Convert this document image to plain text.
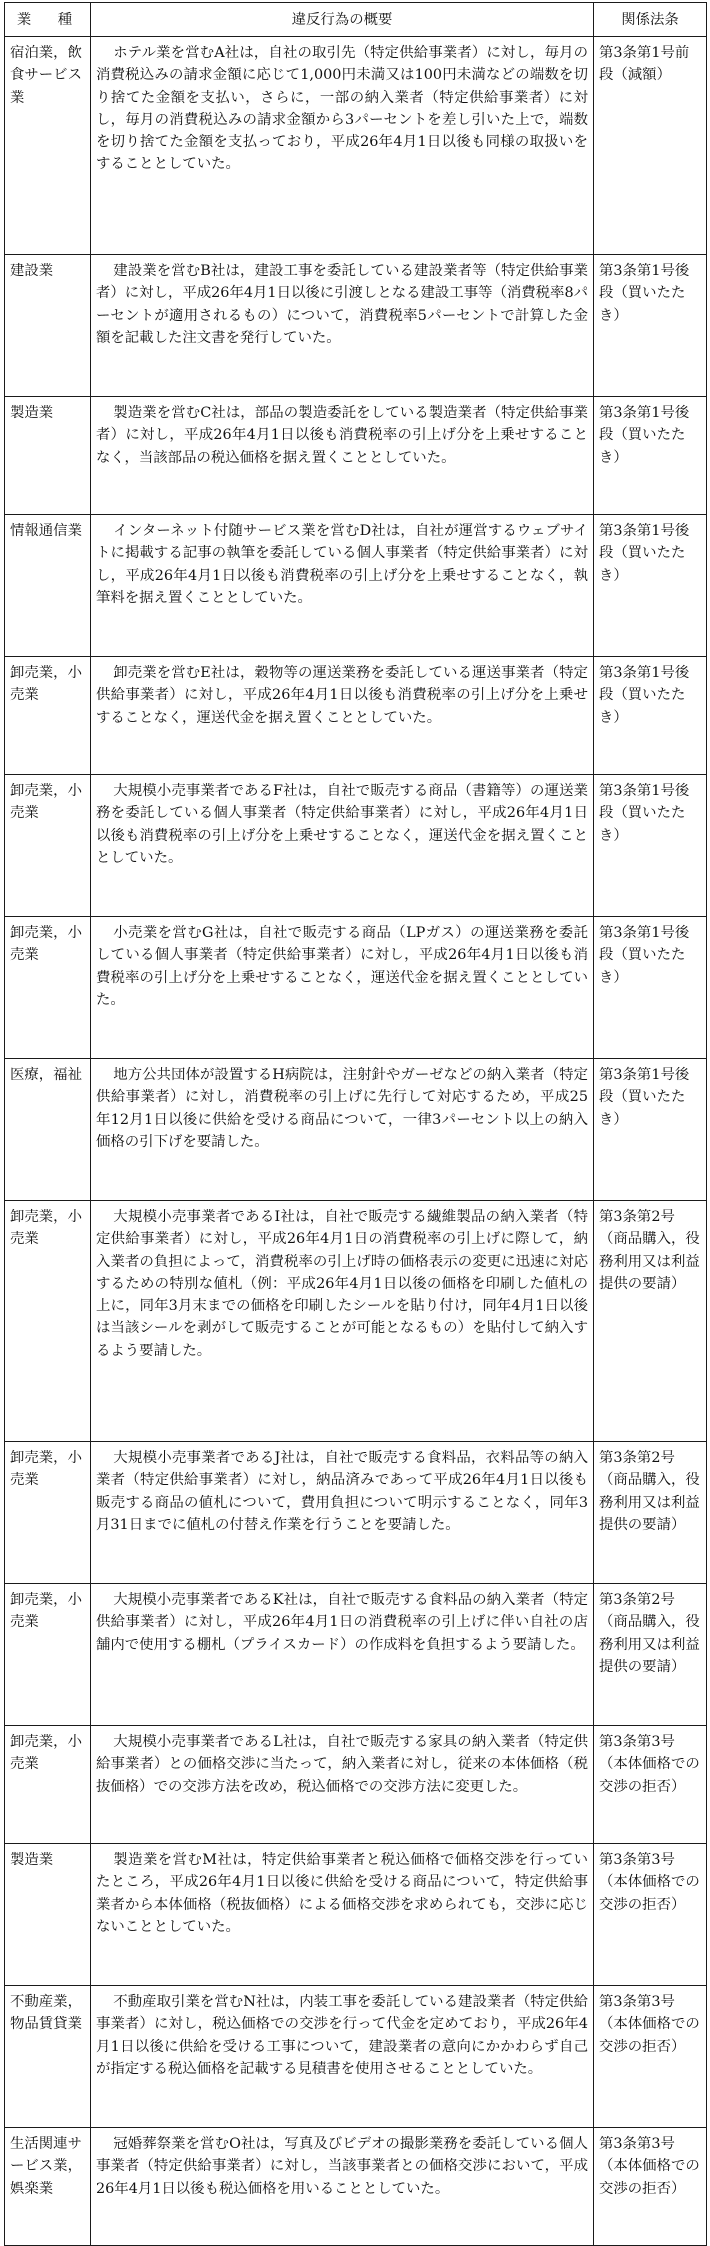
業　種	違反行為の概要	関係法条
宿泊業，飲食サービス業	ホテル業を営むA社は，自社の取引先（特定供給事業者）に対し，毎月の消費税込みの請求金額に応じて1,000円未満又は100円未満などの端数を切り捨てた金額を支払い，さらに，一部の納入業者（特定供給事業者）に対し，毎月の消費税込みの請求金額から3パーセントを差し引いた上で，端数を切り捨てた金額を支払っており，平成26年4月1日以後も同様の取扱いをすることとしていた。	第3条第1号前段（減額）
建設業	建設業を営むB社は，建設工事を委託している建設業者等（特定供給事業者）に対し，平成26年4月1日以後に引渡しとなる建設工事等（消費税率8パーセントが適用されるもの）について，消費税率5パーセントで計算した金額を記載した注文書を発行していた。	第3条第1号後段（買いたたき）
製造業	製造業を営むC社は，部品の製造委託をしている製造業者（特定供給事業者）に対し，平成26年4月1日以後も消費税率の引上げ分を上乗せすることなく，当該部品の税込価格を据え置くこととしていた。	第3条第1号後段（買いたたき）
情報通信業	インターネット付随サービス業を営むD社は，自社が運営するウェブサイトに掲載する記事の執筆を委託している個人事業者（特定供給事業者）に対し，平成26年4月1日以後も消費税率の引上げ分を上乗せすることなく，執筆料を据え置くこととしていた。	第3条第1号後段（買いたたき）
卸売業，小売業	卸売業を営むE社は，穀物等の運送業務を委託している運送事業者（特定供給事業者）に対し，平成26年4月1日以後も消費税率の引上げ分を上乗せすることなく，運送代金を据え置くこととしていた。	第3条第1号後段（買いたたき）
卸売業，小売業	大規模小売事業者であるF社は，自社で販売する商品（書籍等）の運送業務を委託している個人事業者（特定供給事業者）に対し，平成26年4月1日以後も消費税率の引上げ分を上乗せすることなく，運送代金を据え置くこととしていた。	第3条第1号後段（買いたたき）
卸売業，小売業	小売業を営むG社は，自社で販売する商品（LPガス）の運送業務を委託している個人事業者（特定供給事業者）に対し，平成26年4月1日以後も消費税率の引上げ分を上乗せすることなく，運送代金を据え置くこととしていた。	第3条第1号後段（買いたたき）
医療，福祉	地方公共団体が設置するH病院は，注射針やガーゼなどの納入業者（特定供給事業者）に対し，消費税率の引上げに先行して対応するため，平成25年12月1日以後に供給を受ける商品について，一律3パーセント以上の納入価格の引下げを要請した。	第3条第1号後段（買いたたき）
卸売業，小売業	大規模小売事業者であるI社は，自社で販売する繊維製品の納入業者（特定供給事業者）に対し，平成26年4月1日の消費税率の引上げに際して，納入業者の負担によって，消費税率の引上げ時の価格表示の変更に迅速に対応するための特別な値札（例：平成26年4月1日以後の価格を印刷した値札の上に，同年3月末までの価格を印刷したシールを貼り付け，同年4月1日以後は当該シールを剥がして販売することが可能となるもの）を貼付して納入するよう要請した。	第3条第2号（商品購入，役務利用又は利益提供の要請）
卸売業，小売業	大規模小売事業者であるJ社は，自社で販売する食料品，衣料品等の納入業者（特定供給事業者）に対し，納品済みであって平成26年4月1日以後も販売する商品の値札について，費用負担について明示することなく，同年3月31日までに値札の付替え作業を行うことを要請した。	第3条第2号（商品購入，役務利用又は利益提供の要請）
卸売業，小売業	大規模小売事業者であるK社は，自社で販売する食料品の納入業者（特定供給事業者）に対し，平成26年4月1日の消費税率の引上げに伴い自社の店舗内で使用する棚札（プライスカード）の作成料を負担するよう要請した。	第3条第2号（商品購入，役務利用又は利益提供の要請）
卸売業，小売業	大規模小売事業者であるL社は，自社で販売する家具の納入業者（特定供給事業者）との価格交渉に当たって，納入業者に対し，従来の本体価格（税抜価格）での交渉方法を改め，税込価格での交渉方法に変更した。	第3条第3号（本体価格での交渉の拒否）
製造業	製造業を営むM社は，特定供給事業者と税込価格で価格交渉を行っていたところ，平成26年4月1日以後に供給を受ける商品について，特定供給事業者から本体価格（税抜価格）による価格交渉を求められても，交渉に応じないこととしていた。	第3条第3号（本体価格での交渉の拒否）
不動産業，物品賃貸業	不動産取引業を営むN社は，内装工事を委託している建設業者（特定供給事業者）に対し，税込価格での交渉を行って代金を定めており，平成26年4月1日以後に供給を受ける工事について，建設業者の意向にかかわらず自己が指定する税込価格を記載する見積書を使用させることとしていた。	第3条第3号（本体価格での交渉の拒否）
生活関連サービス業，娯楽業	冠婚葬祭業を営むO社は，写真及びビデオの撮影業務を委託している個人事業者（特定供給事業者）に対し，当該事業者との価格交渉において，平成26年4月1日以後も税込価格を用いることとしていた。	第3条第3号（本体価格での交渉の拒否）
